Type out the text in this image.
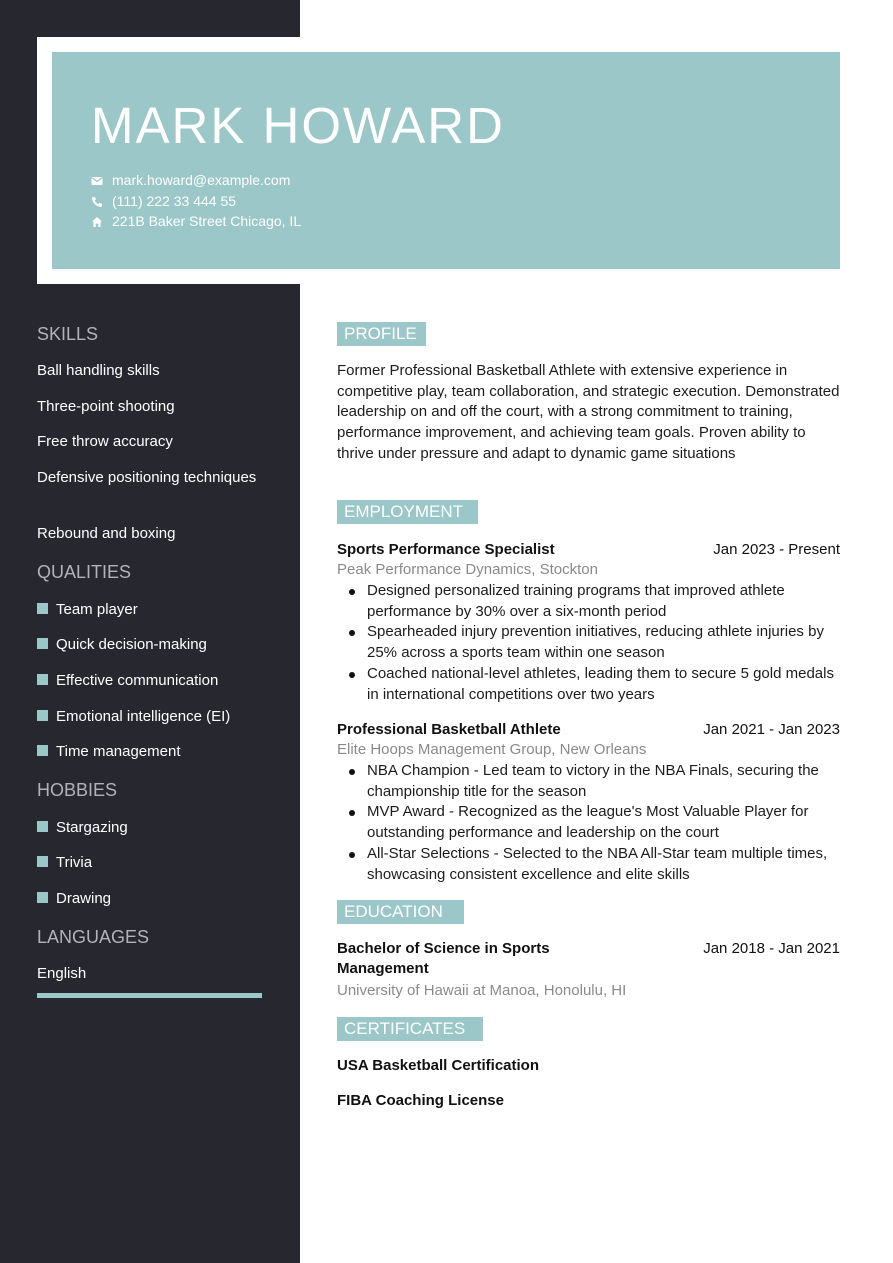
MARK HOWARD
mark.howard@example.com
(111) 222 33 444 55
221B Baker Street Chicago, IL
SKILLS
Ball handling skills
Three-point shooting
Free throw accuracy
Defensive positioning techniques
Rebound and boxing
QUALITIES
Team player
Quick decision-making
Effective communication
Emotional intelligence (EI)
Time management
HOBBIES
Stargazing
Trivia
Drawing
LANGUAGES
English
PROFILE

Former Professional Basketball Athlete with extensive experience in competitive play, team collaboration, and strategic execution. Demonstrated leadership on and off the court, with a strong commitment to training, performance improvement, and achieving team goals. Proven ability to thrive under pressure and adapt to dynamic game situations

EMPLOYMENT
Sports Performance Specialist	Jan 2023 - Present
Peak Performance Dynamics, Stockton
Designed personalized training programs that improved athlete performance by 30% over a six-month period
Spearheaded injury prevention initiatives, reducing athlete injuries by 25% across a sports team within one season
Coached national-level athletes, leading them to secure 5 gold medals in international competitions over two years
Professional Basketball Athlete	Jan 2021 - Jan 2023
Elite Hoops Management Group, New Orleans
NBA Champion - Led team to victory in the NBA Finals, securing the championship title for the season
MVP Award - Recognized as the league's Most Valuable Player for outstanding performance and leadership on the court
All-Star Selections - Selected to the NBA All-Star team multiple times, showcasing consistent excellence and elite skills
EDUCATION
Bachelor of Science in Sports Management
Jan 2018 - Jan 2021
University of Hawaii at Manoa, Honolulu, HI
CERTIFICATES
USA Basketball Certification
FIBA Coaching License
